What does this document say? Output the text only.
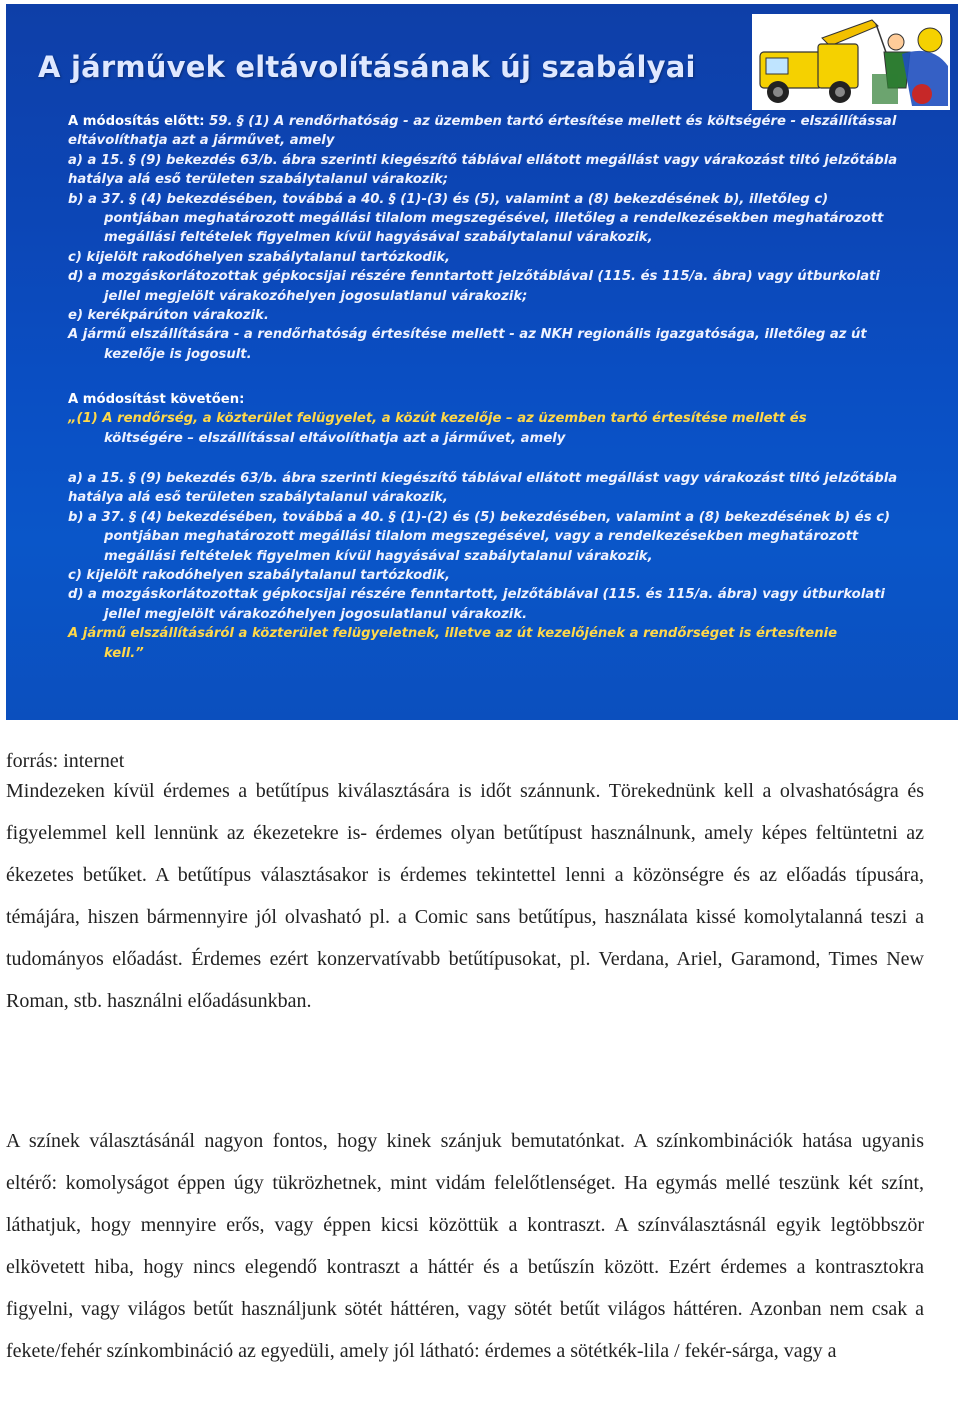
A járművek eltávolításának új szabályai
A módosítás előtt: 59. § (1) A rendőrhatóság - az üzemben tartó értesítése mellett és költségére - elszállítással
eltávolíthatja azt a járművet, amely
a) a 15. § (9) bekezdés 63/b. ábra szerinti kiegészítő táblával ellátott megállást vagy várakozást tiltó jelzőtábla
hatálya alá eső területen szabálytalanul várakozik;
b) a 37. § (4) bekezdésében, továbbá a 40. § (1)-(3) és (5), valamint a (8) bekezdésének b), illetőleg c)
pontjában meghatározott megállási tilalom megszegésével, illetőleg a rendelkezésekben meghatározott
megállási feltételek figyelmen kívül hagyásával szabálytalanul várakozik,
c) kijelölt rakodóhelyen szabálytalanul tartózkodik,
d) a mozgáskorlátozottak gépkocsijai részére fenntartott jelzőtáblával (115. és 115/a. ábra) vagy útburkolati
jellel megjelölt várakozóhelyen jogosulatlanul várakozik;
e) kerékpárúton várakozik.
A jármű elszállítására - a rendőrhatóság értesítése mellett - az NKH regionális igazgatósága, illetőleg az út
kezelője is jogosult.
A módosítást követően:
„(1) A rendőrség, a közterület felügyelet, a közút kezelője – az üzemben tartó értesítése mellett és
költségére – elszállítással eltávolíthatja azt a járművet, amely
a) a 15. § (9) bekezdés 63/b. ábra szerinti kiegészítő táblával ellátott megállást vagy várakozást tiltó jelzőtábla
hatálya alá eső területen szabálytalanul várakozik,
b) a 37. § (4) bekezdésében, továbbá a 40. § (1)-(2) és (5) bekezdésében, valamint a (8) bekezdésének b) és c)
pontjában meghatározott megállási tilalom megszegésével, vagy a rendelkezésekben meghatározott
megállási feltételek figyelmen kívül hagyásával szabálytalanul várakozik,
c) kijelölt rakodóhelyen szabálytalanul tartózkodik,
d) a mozgáskorlátozottak gépkocsijai részére fenntartott, jelzőtáblával (115. és 115/a. ábra) vagy útburkolati
jellel megjelölt várakozóhelyen jogosulatlanul várakozik.
A jármű elszállításáról a közterület felügyeletnek, illetve az út kezelőjének a rendőrséget is értesítenie
kell.”

forrás: internet

Mindezeken kívül érdemes a betűtípus kiválasztására is időt szánnunk. Törekednünk kell a olvashatóságra és figyelemmel kell lennünk az ékezetekre is- érdemes olyan betűtípust használnunk, amely képes feltüntetni az ékezetes betűket. A betűtípus választásakor is érdemes tekintettel lenni a közönségre és az előadás típusára, témájára, hiszen bármennyire jól olvasható pl. a Comic sans betűtípus, használata kissé komolytalanná teszi a tudományos előadást. Érdemes ezért konzervatívabb betűtípusokat, pl. Verdana, Ariel, Garamond, Times New Roman, stb. használni előadásunkban.

A színek választásánál nagyon fontos, hogy kinek szánjuk bemutatónkat. A színkombinációk hatása ugyanis eltérő: komolyságot éppen úgy tükrözhetnek, mint vidám felelőtlenséget. Ha egymás mellé teszünk két színt, láthatjuk, hogy mennyire erős, vagy éppen kicsi közöttük a kontraszt. A színválasztásnál egyik legtöbbször elkövetett hiba, hogy nincs elegendő kontraszt a háttér és a betűszín között. Ezért érdemes a kontrasztokra figyelni, vagy világos betűt használjunk sötét háttéren, vagy sötét betűt világos háttéren. Azonban nem csak a fekete/fehér színkombináció az egyedüli, amely jól látható: érdemes a sötétkék-lila / fekér-sárga, vagy a
